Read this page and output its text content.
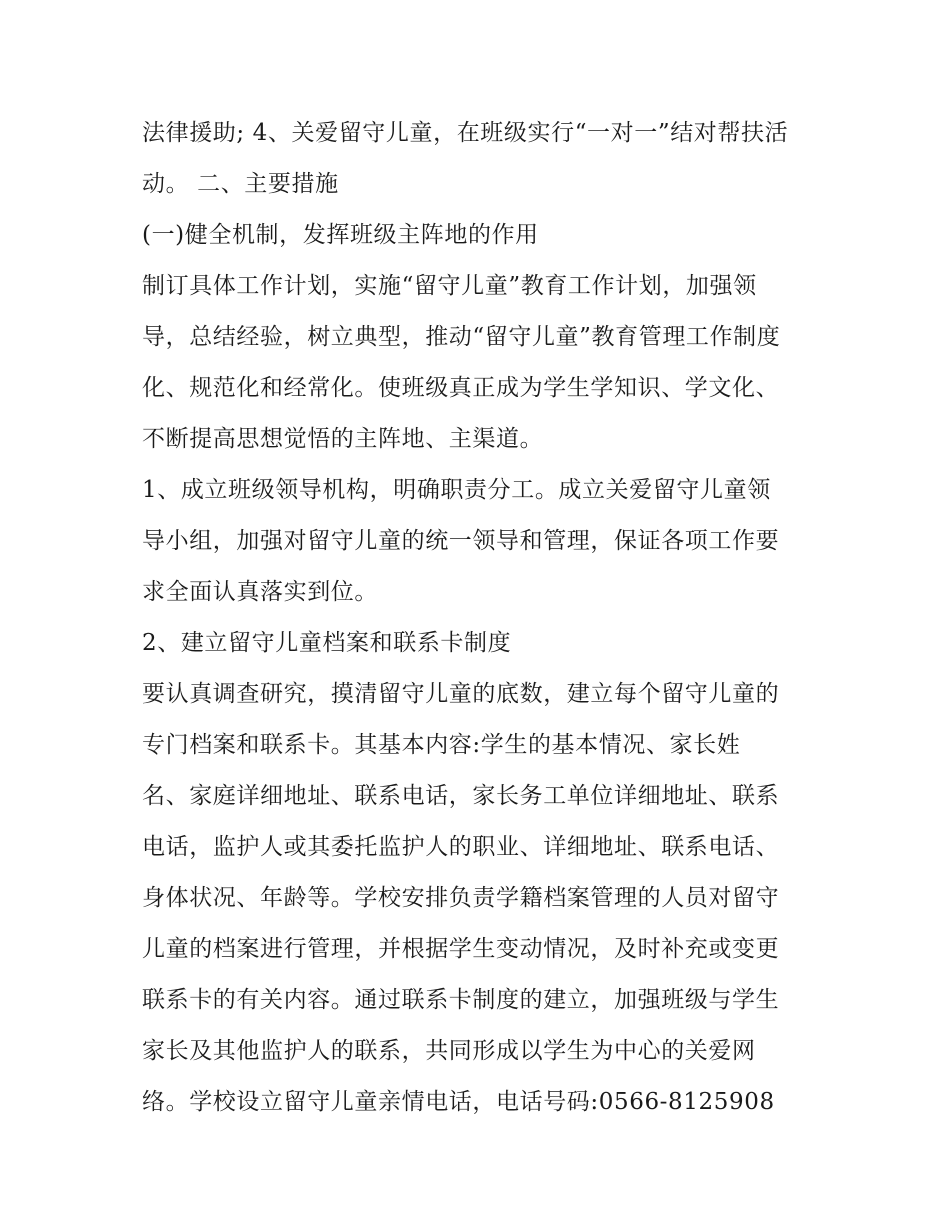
法律援助; 4、关爱留守儿童，在班级实行“一对一”结对帮扶活
动。 二、主要措施
(一)健全机制，发挥班级主阵地的作用
制订具体工作计划，实施“留守儿童”教育工作计划，加强领
导，总结经验，树立典型，推动“留守儿童”教育管理工作制度
化、规范化和经常化。使班级真正成为学生学知识、学文化、
不断提高思想觉悟的主阵地、主渠道。
1、成立班级领导机构，明确职责分工。成立关爱留守儿童领
导小组，加强对留守儿童的统一领导和管理，保证各项工作要
求全面认真落实到位。
2、建立留守儿童档案和联系卡制度
要认真调查研究，摸清留守儿童的底数，建立每个留守儿童的
专门档案和联系卡。其基本内容:学生的基本情况、家长姓
名、家庭详细地址、联系电话，家长务工单位详细地址、联系
电话，监护人或其委托监护人的职业、详细地址、联系电话、
身体状况、年龄等。学校安排负责学籍档案管理的人员对留守
儿童的档案进行管理，并根据学生变动情况，及时补充或变更
联系卡的有关内容。通过联系卡制度的建立，加强班级与学生
家长及其他监护人的联系，共同形成以学生为中心的关爱网
络。学校设立留守儿童亲情电话，电话号码:0566-8125908
